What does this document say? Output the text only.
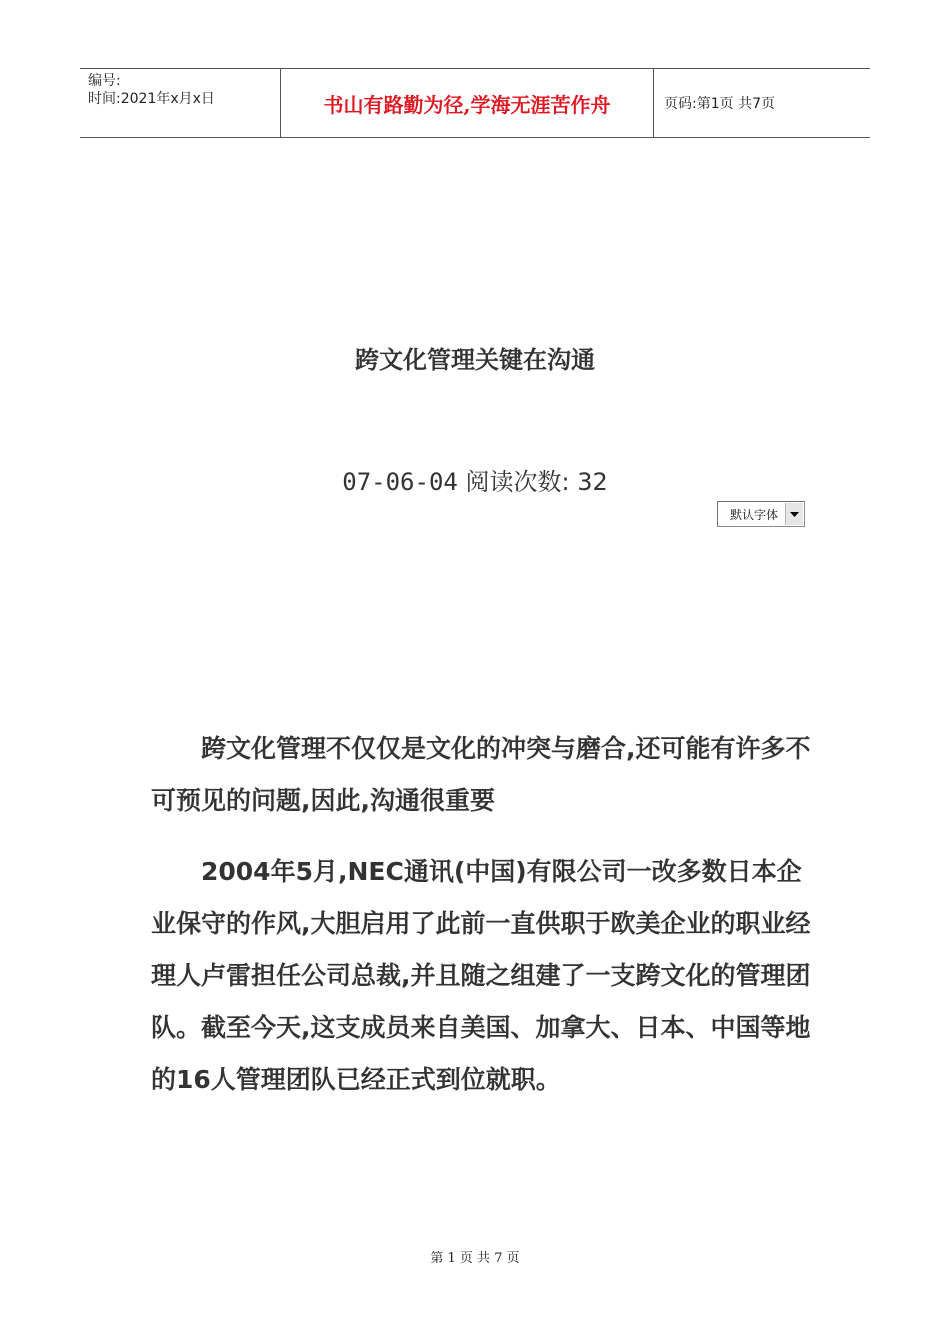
编号:
时间:2021年x月x日	书山有路勤为径,学海无涯苦作舟	页码:第1页 共7页
跨文化管理关键在沟通
07-06-04 阅读次数: 32
默认字体

跨文化管理不仅仅是文化的冲突与磨合,还可能有许多不可预见的问题,因此,沟通很重要

2004年5月,NEC通讯(中国)有限公司一改多数日本企业保守的作风,大胆启用了此前一直供职于欧美企业的职业经理人卢雷担任公司总裁,并且随之组建了一支跨文化的管理团队。截至今天,这支成员来自美国、加拿大、日本、中国等地的16人管理团队已经正式到位就职。

第 1 页 共 7 页
